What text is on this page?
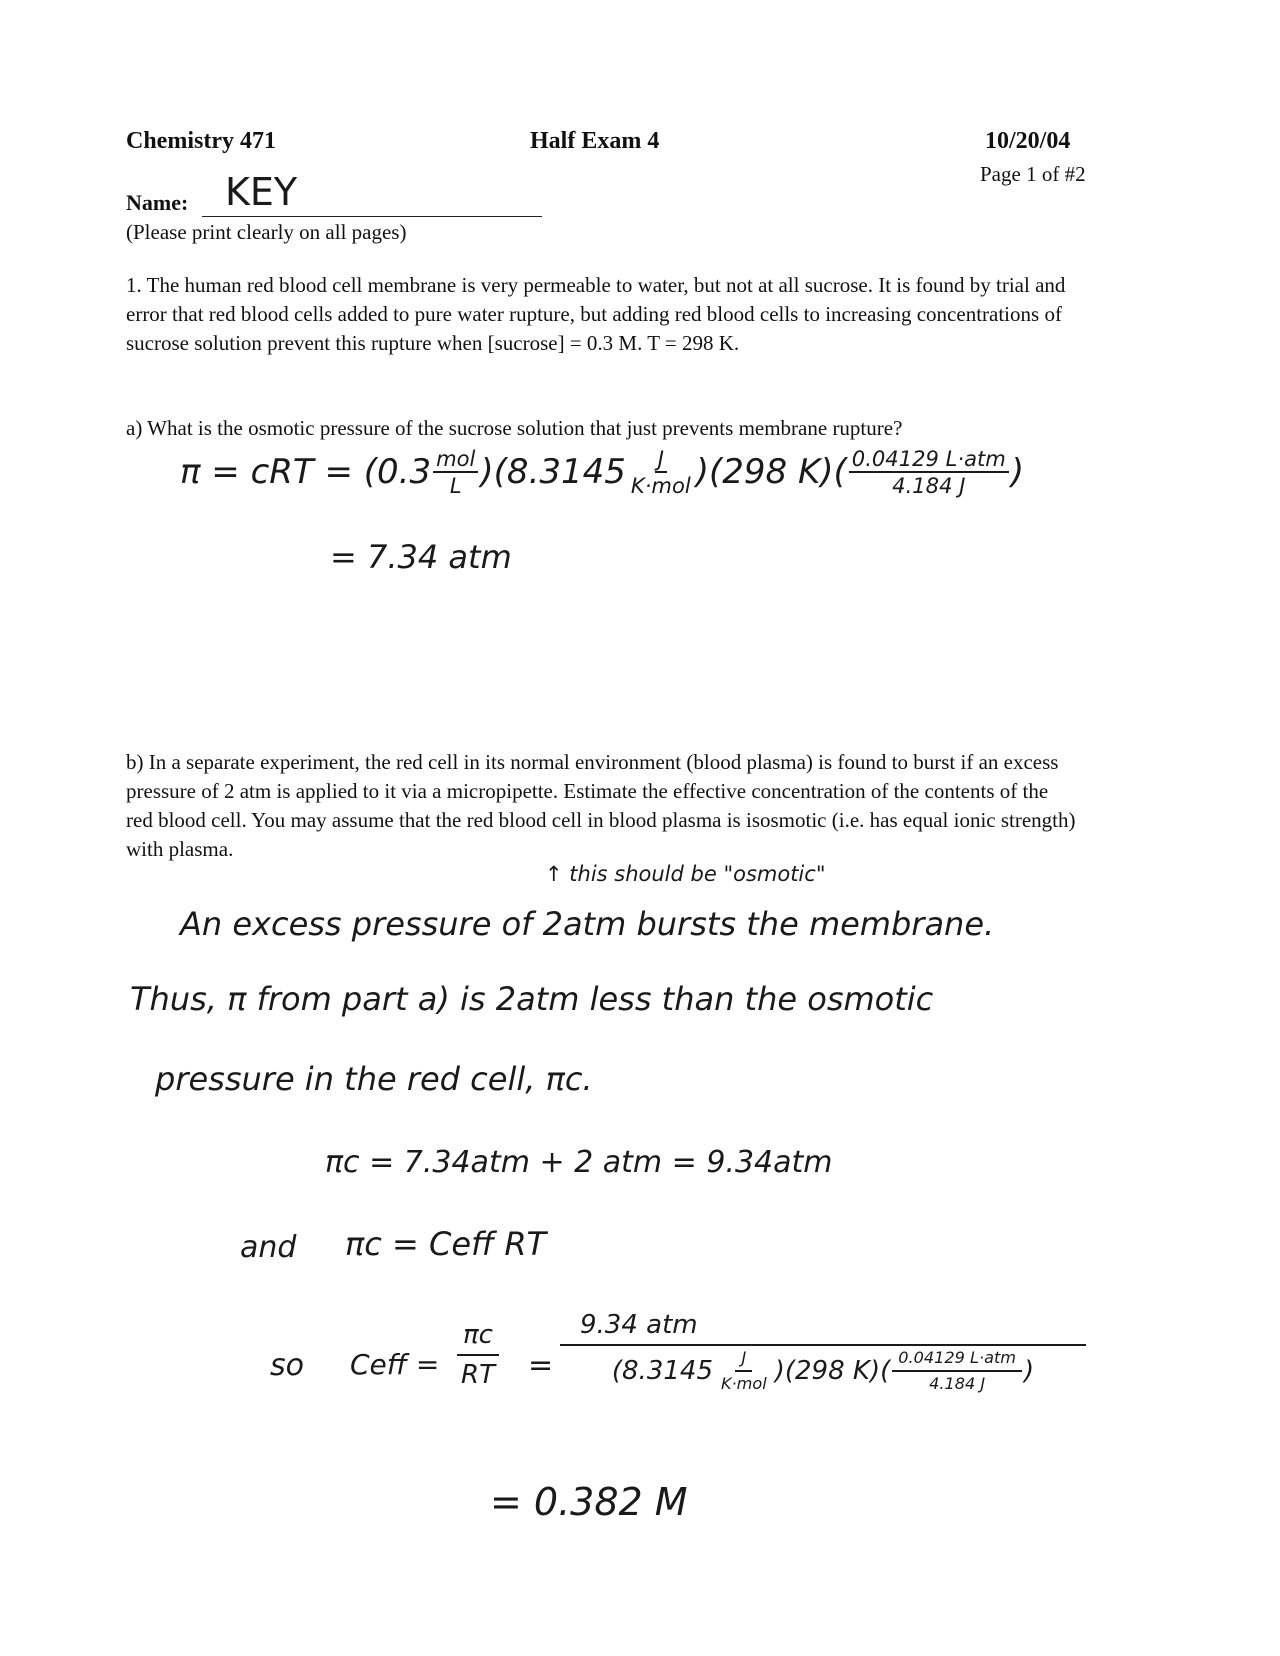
Chemistry 471	Half Exam 4	10/20/04
Page 1 of #2
Name: KEY
(Please print clearly on all pages)
1. The human red blood cell membrane is very permeable to water, but not at all sucrose. It is found by trial and error that red blood cells added to pure water rupture, but adding red blood cells to increasing concentrations of sucrose solution prevent this rupture when [sucrose] = 0.3 M. T = 298 K.
a) What is the osmotic pressure of the sucrose solution that just prevents membrane rupture?
π = cRT = $(0.3 \frac{\text{mol}}{L} )(8.3145 \frac{J}{\text{K·mol}} )(298$ $K)( \frac{\text{0.04129 L·atm}}{4.184 J}$ )
= 7.34 atm
b) In a separate experiment, the red cell in its normal environment (blood plasma) is found to burst if an excess pressure of 2 atm is applied to it via a micropipette. Estimate the effective concentration of the contents of the red blood cell. You may assume that the red blood cell in blood plasma is isosmotic (i.e. has equal ionic strength) with plasma.
↑ this should be "osmotic"
An excess pressure of 2atm bursts the membrane.
Thus, π from part a) is 2atm less than the osmotic
pressure in the red cell, πc.
πc = 7.34atm + 2 atm = 9.34atm
and πc = Ceff RT
so Ceff = $\frac{\pi c}{RT}$ =
9.34 atm
$(8.3145 \frac{J}{\text{K·mol}} )(298$ $K)( \frac{\text{0.04129 L·atm}}{4.184 J}$ )
= 0.382 M
